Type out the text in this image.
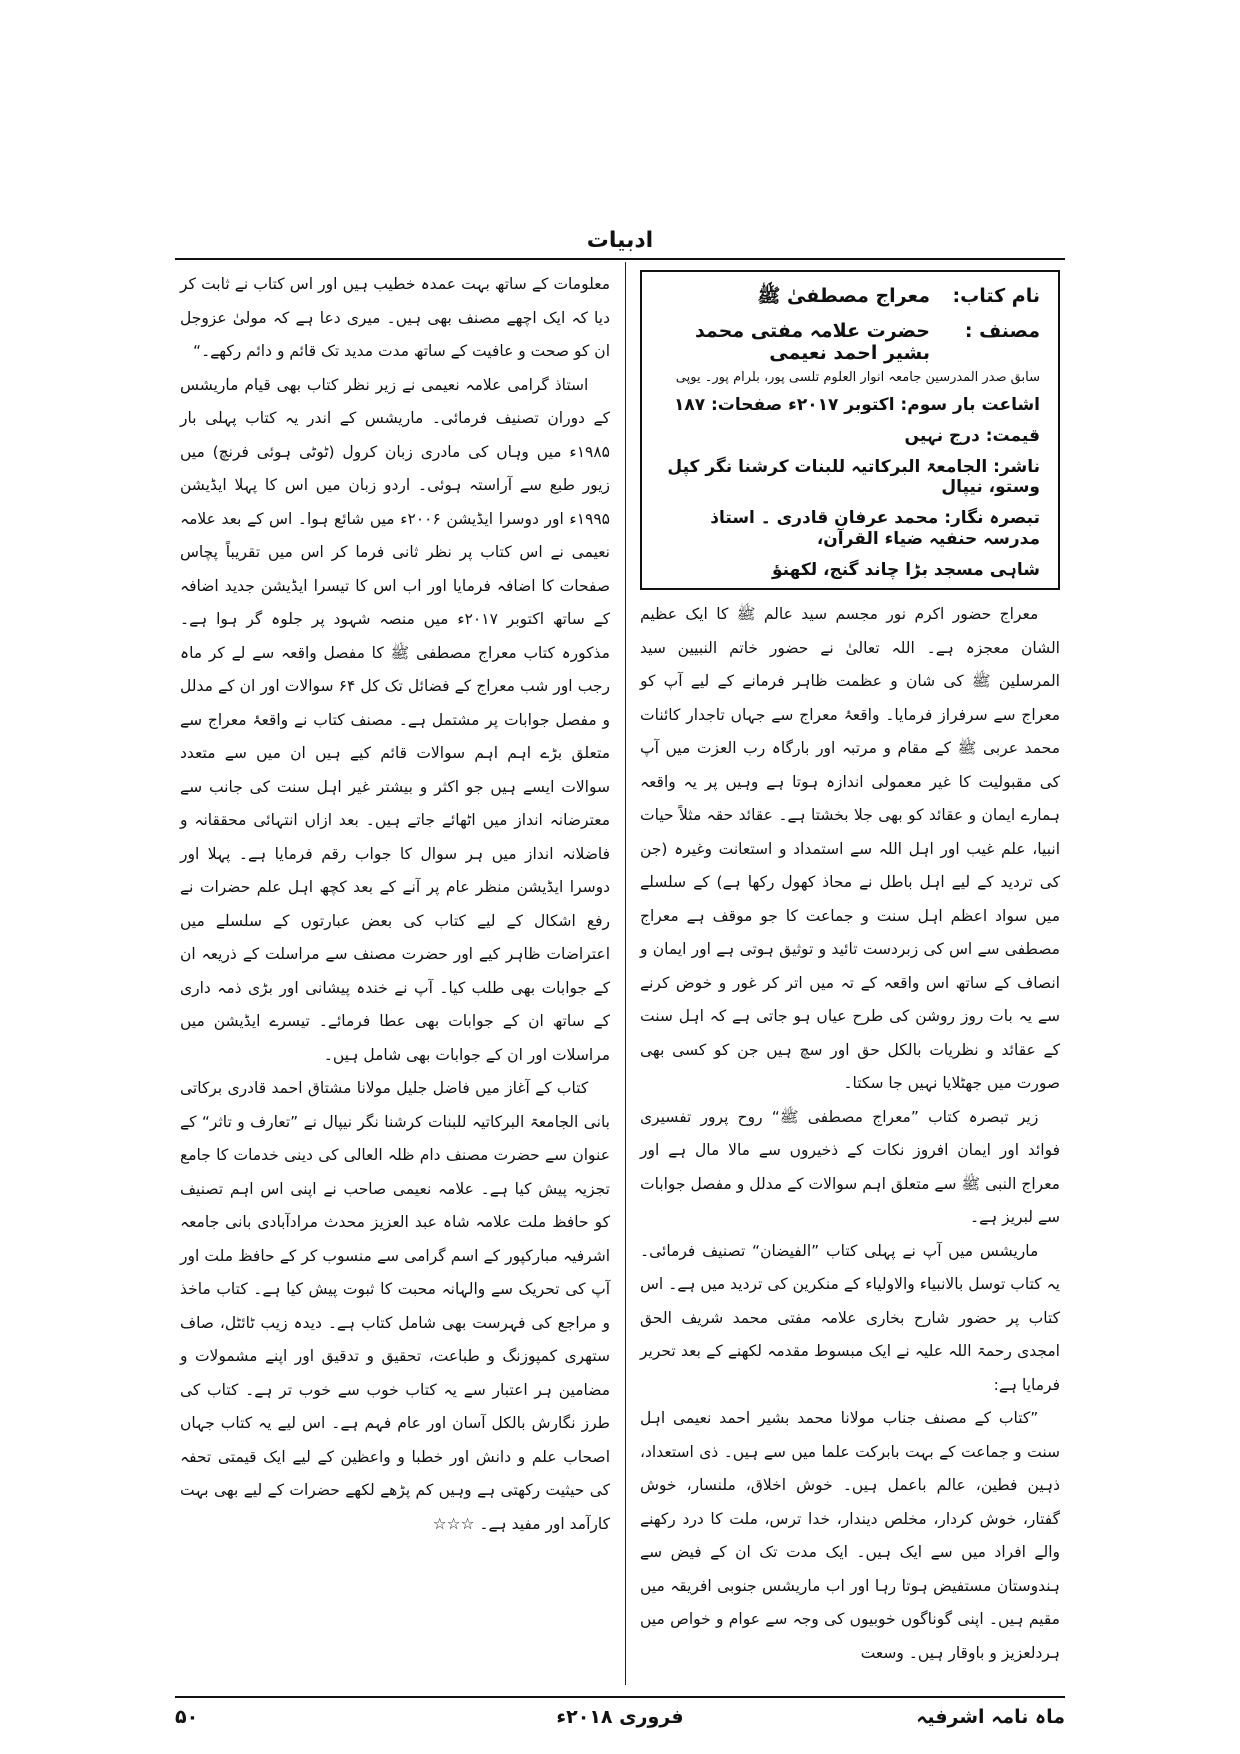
ادبیات
نام کتاب:
معراج مصطفیٰ ﷺ
مصنف :
حضرت علامہ مفتی محمد بشیر احمد نعیمی
سابق صدر المدرسین جامعہ انوار العلوم تلسی پور، بلرام پور۔ یوپی
اشاعت بار سوم: اکتوبر ۲۰۱۷ء صفحات: ۱۸۷
قیمت: درج نہیں
ناشر: الجامعۃ البرکاتیہ للبنات کرشنا نگر کپل وستو، نیپال
تبصرہ نگار: محمد عرفان قادری ۔ استاذ مدرسہ حنفیہ ضیاء القرآن،
شاہی مسجد بڑا چاند گنج، لکھنؤ

معراج حضور اکرم نور مجسم سید عالم ﷺ کا ایک عظیم الشان معجزہ ہے۔ اللہ تعالیٰ نے حضور خاتم النبیین سید المرسلین ﷺ کی شان و عظمت ظاہر فرمانے کے لیے آپ کو معراج سے سرفراز فرمایا۔ واقعۂ معراج سے جہاں تاجدار کائنات محمد عربی ﷺ کے مقام و مرتبہ اور بارگاہ رب العزت میں آپ کی مقبولیت کا غیر معمولی اندازہ ہوتا ہے وہیں پر یہ واقعہ ہمارے ایمان و عقائد کو بھی جلا بخشتا ہے۔ عقائد حقہ مثلاً حیات انبیا، علم غیب اور اہل اللہ سے استمداد و استعانت وغیرہ (جن کی تردید کے لیے اہل باطل نے محاذ کھول رکھا ہے) کے سلسلے میں سواد اعظم اہل سنت و جماعت کا جو موقف ہے معراج مصطفی سے اس کی زبردست تائید و توثیق ہوتی ہے اور ایمان و انصاف کے ساتھ اس واقعہ کے تہ میں اتر کر غور و خوض کرنے سے یہ بات روز روشن کی طرح عیاں ہو جاتی ہے کہ اہل سنت کے عقائد و نظریات بالکل حق اور سچ ہیں جن کو کسی بھی صورت میں جھٹلایا نہیں جا سکتا۔

زیر تبصرہ کتاب ”معراج مصطفی ﷺ“ روح پرور تفسیری فوائد اور ایمان افروز نکات کے ذخیروں سے مالا مال ہے اور معراج النبی ﷺ سے متعلق اہم سوالات کے مدلل و مفصل جوابات سے لبریز ہے۔

ماریشس میں آپ نے پہلی کتاب ”الفیضان“ تصنیف فرمائی۔ یہ کتاب توسل بالانبیاء والاولیاء کے منکرین کی تردید میں ہے۔ اس کتاب پر حضور شارح بخاری علامہ مفتی محمد شریف الحق امجدی رحمۃ اللہ علیہ نے ایک مبسوط مقدمہ لکھنے کے بعد تحریر فرمایا ہے:

”کتاب کے مصنف جناب مولانا محمد بشیر احمد نعیمی اہل سنت و جماعت کے بہت بابرکت علما میں سے ہیں۔ ذی استعداد، ذہین فطین، عالم باعمل ہیں۔ خوش اخلاق، ملنسار، خوش گفتار، خوش کردار، مخلص دیندار، خدا ترس، ملت کا درد رکھنے والے افراد میں سے ایک ہیں۔ ایک مدت تک ان کے فیض سے ہندوستان مستفیض ہوتا رہا اور اب ماریشس جنوبی افریقہ میں مقیم ہیں۔ اپنی گوناگوں خوبیوں کی وجہ سے عوام و خواص میں ہردلعزیز و باوقار ہیں۔ وسعت

معلومات کے ساتھ بہت عمدہ خطیب ہیں اور اس کتاب نے ثابت کر دیا کہ ایک اچھے مصنف بھی ہیں۔ میری دعا ہے کہ مولیٰ عزوجل ان کو صحت و عافیت کے ساتھ مدت مدید تک قائم و دائم رکھے۔“

استاذ گرامی علامہ نعیمی نے زیر نظر کتاب بھی قیام ماریشس کے دوران تصنیف فرمائی۔ ماریشس کے اندر یہ کتاب پہلی بار ۱۹۸۵ء میں وہاں کی مادری زبان کرول (ٹوٹی ہوئی فرنچ) میں زیور طبع سے آراستہ ہوئی۔ اردو زبان میں اس کا پہلا ایڈیشن ۱۹۹۵ء اور دوسرا ایڈیشن ۲۰۰۶ء میں شائع ہوا۔ اس کے بعد علامہ نعیمی نے اس کتاب پر نظر ثانی فرما کر اس میں تقریباً پچاس صفحات کا اضافہ فرمایا اور اب اس کا تیسرا ایڈیشن جدید اضافہ کے ساتھ اکتوبر ۲۰۱۷ء میں منصہ شہود پر جلوہ گر ہوا ہے۔ مذکورہ کتاب معراج مصطفی ﷺ کا مفصل واقعہ سے لے کر ماہ رجب اور شب معراج کے فضائل تک کل ۶۴ سوالات اور ان کے مدلل و مفصل جوابات پر مشتمل ہے۔ مصنف کتاب نے واقعۂ معراج سے متعلق بڑے اہم اہم سوالات قائم کیے ہیں ان میں سے متعدد سوالات ایسے ہیں جو اکثر و بیشتر غیر اہل سنت کی جانب سے معترضانہ انداز میں اٹھائے جاتے ہیں۔ بعد ازاں انتہائی محققانہ و فاضلانہ انداز میں ہر سوال کا جواب رقم فرمایا ہے۔ پہلا اور دوسرا ایڈیشن منظر عام پر آنے کے بعد کچھ اہل علم حضرات نے رفع اشکال کے لیے کتاب کی بعض عبارتوں کے سلسلے میں اعتراضات ظاہر کیے اور حضرت مصنف سے مراسلت کے ذریعہ ان کے جوابات بھی طلب کیا۔ آپ نے خندہ پیشانی اور بڑی ذمہ داری کے ساتھ ان کے جوابات بھی عطا فرمائے۔ تیسرے ایڈیشن میں مراسلات اور ان کے جوابات بھی شامل ہیں۔

کتاب کے آغاز میں فاضل جلیل مولانا مشتاق احمد قادری برکاتی بانی الجامعۃ البرکاتیہ للبنات کرشنا نگر نیپال نے ”تعارف و تاثر“ کے عنوان سے حضرت مصنف دام ظلہ العالی کی دینی خدمات کا جامع تجزیہ پیش کیا ہے۔ علامہ نعیمی صاحب نے اپنی اس اہم تصنیف کو حافظ ملت علامہ شاہ عبد العزیز محدث مرادآبادی بانی جامعہ اشرفیہ مبارکپور کے اسم گرامی سے منسوب کر کے حافظ ملت اور آپ کی تحریک سے والہانہ محبت کا ثبوت پیش کیا ہے۔ کتاب ماخذ و مراجع کی فہرست بھی شامل کتاب ہے۔ دیدہ زیب ٹائٹل، صاف ستھری کمپوزنگ و طباعت، تحقیق و تدقیق اور اپنے مشمولات و مضامین ہر اعتبار سے یہ کتاب خوب سے خوب تر ہے۔ کتاب کی طرز نگارش بالکل آسان اور عام فہم ہے۔ اس لیے یہ کتاب جہاں اصحاب علم و دانش اور خطبا و واعظین کے لیے ایک قیمتی تحفہ کی حیثیت رکھتی ہے وہیں کم پڑھے لکھے حضرات کے لیے بھی بہت کارآمد اور مفید ہے۔ ☆☆☆

ماہ نامہ اشرفیہ
فروری ۲۰۱۸ء
۵۰
